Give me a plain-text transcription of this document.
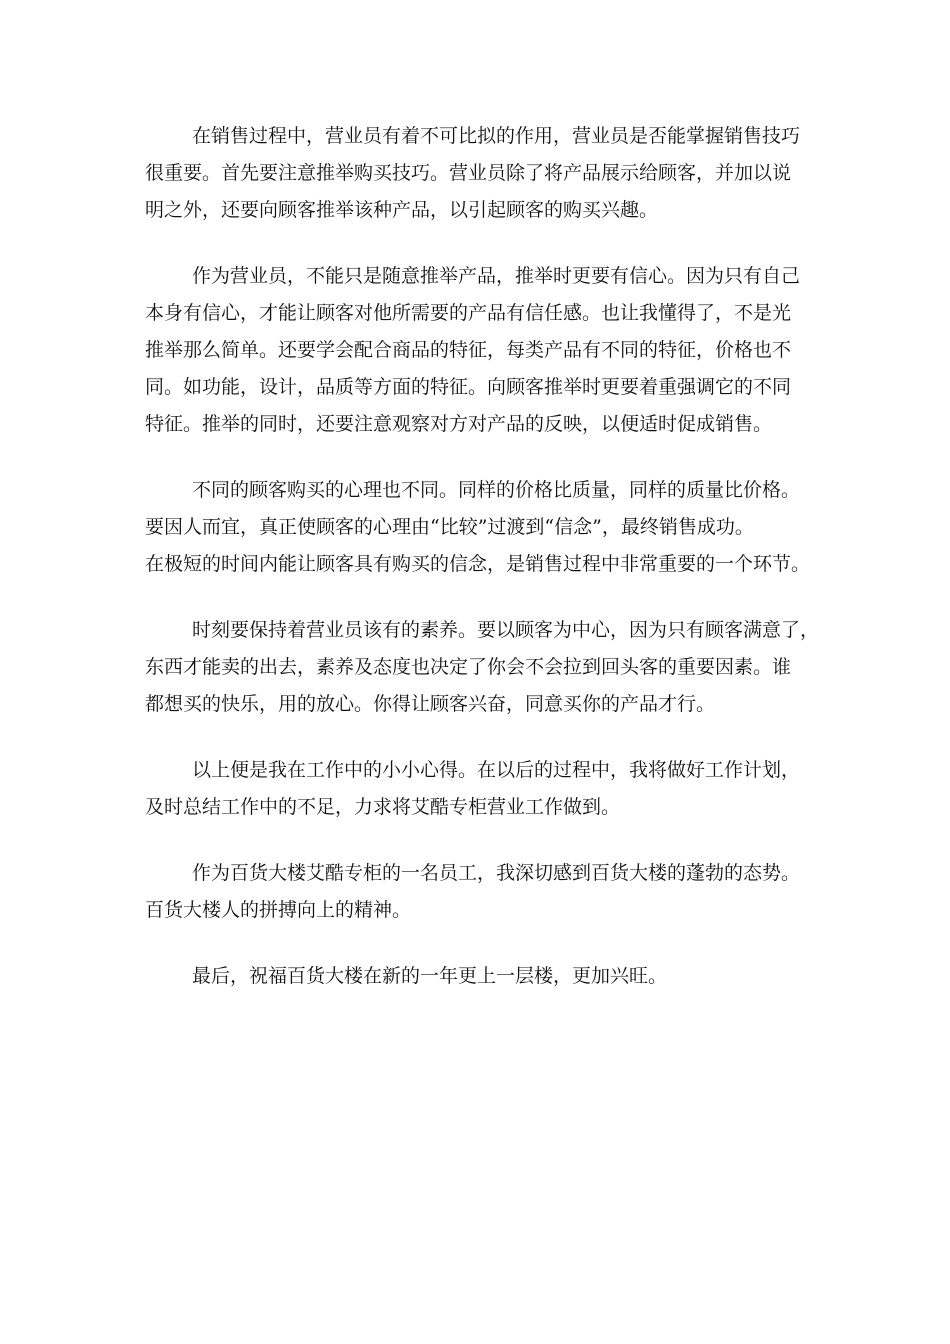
在销售过程中，营业员有着不可比拟的作用，营业员是否能掌握销售技巧
很重要。首先要注意推举购买技巧。营业员除了将产品展示给顾客，并加以说
明之外，还要向顾客推举该种产品，以引起顾客的购买兴趣。

作为营业员，不能只是随意推举产品，推举时更要有信心。因为只有自己
本身有信心，才能让顾客对他所需要的产品有信任感。也让我懂得了，不是光
推举那么简单。还要学会配合商品的特征，每类产品有不同的特征，价格也不
同。如功能，设计，品质等方面的特征。向顾客推举时更要着重强调它的不同
特征。推举的同时，还要注意观察对方对产品的反映，以便适时促成销售。

不同的顾客购买的心理也不同。同样的价格比质量，同样的质量比价格。
要因人而宜，真正使顾客的心理由“比较”过渡到“信念”，最终销售成功。
在极短的时间内能让顾客具有购买的信念，是销售过程中非常重要的一个环节。

时刻要保持着营业员该有的素养。要以顾客为中心，因为只有顾客满意了，
东西才能卖的出去，素养及态度也决定了你会不会拉到回头客的重要因素。谁
都想买的快乐，用的放心。你得让顾客兴奋，同意买你的产品才行。

以上便是我在工作中的小小心得。在以后的过程中，我将做好工作计划，
及时总结工作中的不足，力求将艾酷专柜营业工作做到。

作为百货大楼艾酷专柜的一名员工，我深切感到百货大楼的蓬勃的态势。
百货大楼人的拼搏向上的精神。

最后，祝福百货大楼在新的一年更上一层楼，更加兴旺。
